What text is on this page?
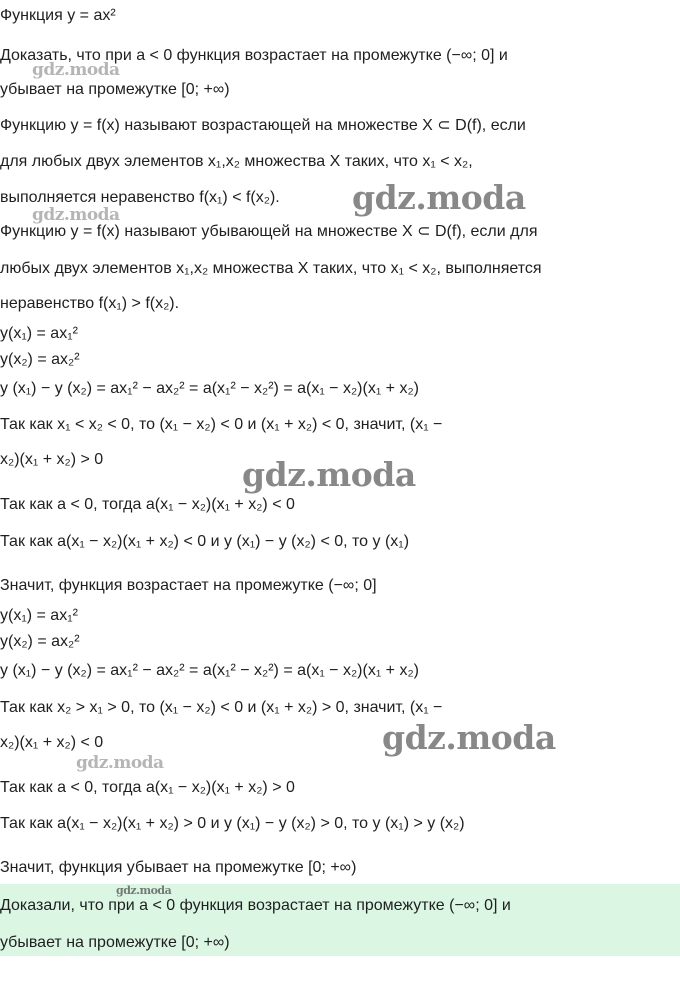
Функция y = ax²
Доказать, что при a < 0 функция возрастает на промежутке (−∞; 0] и
убывает на промежутке [0; +∞)
Функцию y = f(x) называют возрастающей на множестве X ⊂ D(f), если
для любых двух элементов x₁,x₂ множества X таких, что x₁ < x₂,
выполняется неравенство f(x₁) < f(x₂).
Функцию y = f(x) называют убывающей на множестве X ⊂ D(f), если для
любых двух элементов x₁,x₂ множества X таких, что x₁ < x₂, выполняется
неравенство f(x₁) > f(x₂).
y(x₁) = ax₁²
y(x₂) = ax₂²
y (x₁) − y (x₂) = ax₁² − ax₂² = a(x₁² − x₂²) = a(x₁ − x₂)(x₁ + x₂)
Так как x₁ < x₂ < 0, то (x₁ − x₂) < 0 и (x₁ + x₂) < 0, значит, (x₁ −
x₂)(x₁ + x₂) > 0
Так как a < 0, тогда a(x₁ − x₂)(x₁ + x₂) < 0
Так как a(x₁ − x₂)(x₁ + x₂) < 0 и y (x₁) − y (x₂) < 0, то y (x₁)
Значит, функция возрастает на промежутке (−∞; 0]
y(x₁) = ax₁²
y(x₂) = ax₂²
y (x₁) − y (x₂) = ax₁² − ax₂² = a(x₁² − x₂²) = a(x₁ − x₂)(x₁ + x₂)
Так как x₂ > x₁ > 0, то (x₁ − x₂) < 0 и (x₁ + x₂) > 0, значит, (x₁ −
x₂)(x₁ + x₂) < 0
Так как a < 0, тогда a(x₁ − x₂)(x₁ + x₂) > 0
Так как a(x₁ − x₂)(x₁ + x₂) > 0 и y (x₁) − y (x₂) > 0, то y (x₁) > y (x₂)
Значит, функция убывает на промежутке [0; +∞)
Доказали, что при a < 0 функция возрастает на промежутке (−∞; 0] и
убывает на промежутке [0; +∞)
gdz.moda
gdz.moda
gdz.moda
gdz.moda
gdz.moda
gdz.moda
gdz.moda
